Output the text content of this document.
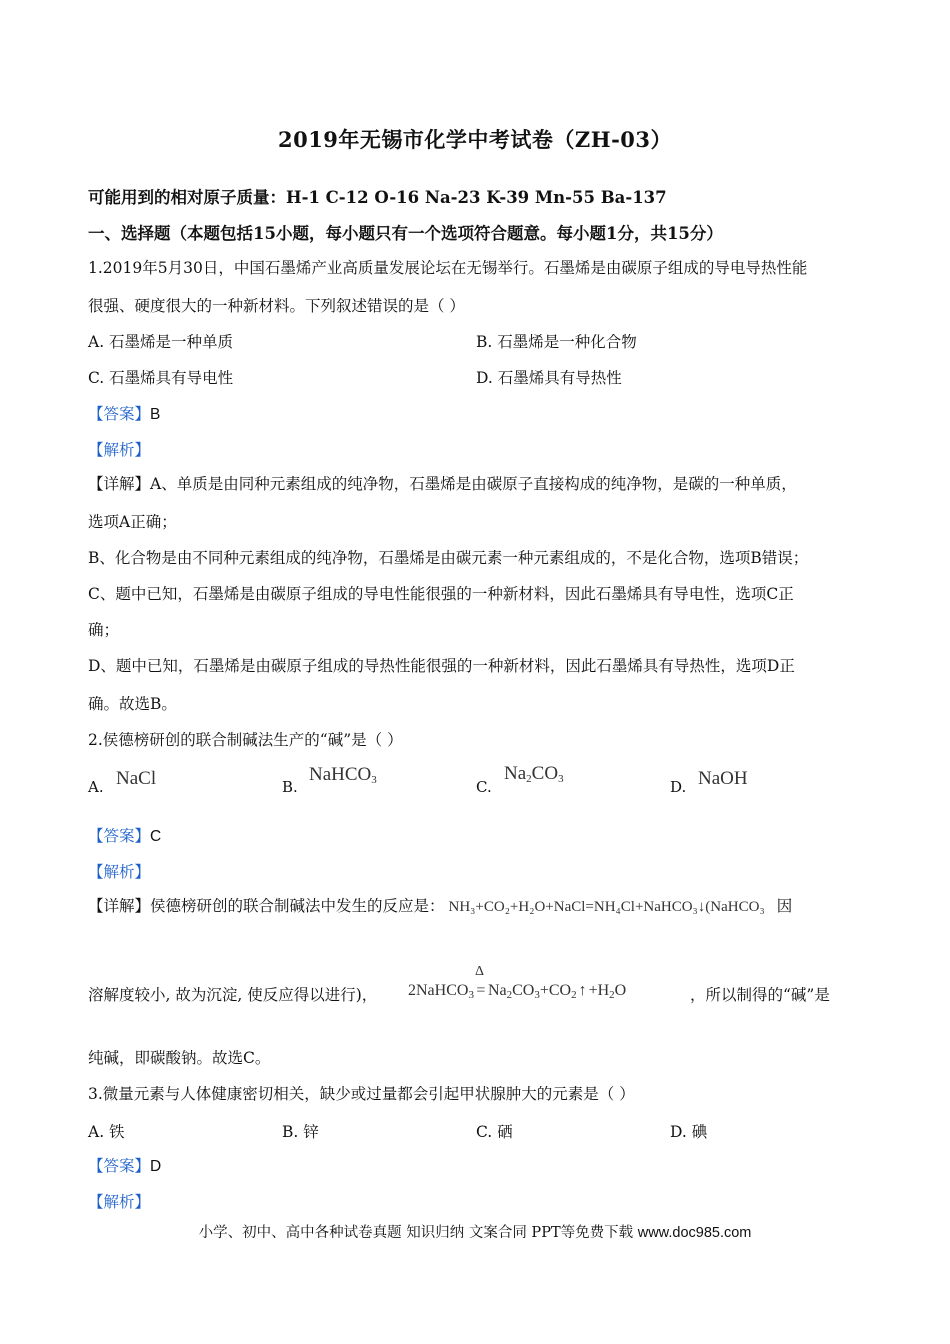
2019年无锡市化学中考试卷（ZH-03）
可能用到的相对原子质量：H-1 C-12 O-16 Na-23 K-39 Mn-55 Ba-137
一、选择题（本题包括15小题，每小题只有一个选项符合题意。每小题1分，共15分）
1.2019年5月30日，中国石墨烯产业高质量发展论坛在无锡举行。石墨烯是由碳原子组成的导电导热性能
很强、硬度很大的一种新材料。下列叙述错误的是（ ）
A. 石墨烯是一种单质	B. 石墨烯是一种化合物
C. 石墨烯具有导电性	D. 石墨烯具有导热性
【答案】B
【解析】
【详解】A、单质是由同种元素组成的纯净物，石墨烯是由碳原子直接构成的纯净物，是碳的一种单质，
选项A正确；
B、化合物是由不同种元素组成的纯净物，石墨烯是由碳元素一种元素组成的，不是化合物，选项B错误；
C、题中已知，石墨烯是由碳原子组成的导电性能很强的一种新材料，因此石墨烯具有导电性，选项C正
确；
D、题中已知，石墨烯是由碳原子组成的导热性能很强的一种新材料，因此石墨烯具有导热性，选项D正
确。故选B。
2.侯德榜研创的联合制碱法生产的“碱”是（ ）
A. NaCl	B.
NaHCO$_3$	C.
$Na_2CO_3$	D. NaOH
【答案】C
【解析】
【详解】侯德榜研创的联合制碱法中发生的反应是： NH₃+CO₂+H₂O+NaCl=NH₄Cl+NaHCO₃↓(NaHCO₃ 因
溶解度较小, 故为沉淀, 使反应得以进行)， 2NaHCO$_3$
Δ
= $Na_2CO_3+CO_2$ ↑ $+H_2O$	，所以制得的“碱”是
纯碱，即碳酸钠。故选C。
3.微量元素与人体健康密切相关，缺少或过量都会引起甲状腺肿大的元素是（ ）
A. 铁	B. 锌	C. 硒	D. 碘
【答案】D
【解析】
小学、初中、高中各种试卷真题 知识归纳 文案合同 PPT等免费下载 www.doc985.com
